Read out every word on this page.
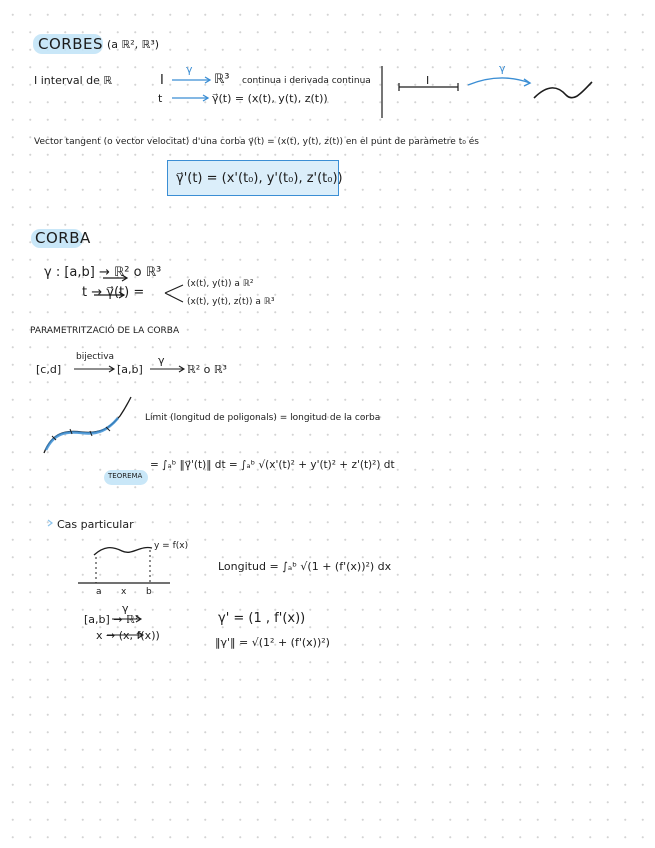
CORBES (a ℝ², ℝ³)
I interval de ℝ	I
γ
ℝ³ continua i derivada continua
t	γ⃗(t) = (x(t), y(t), z(t))
I
γ
Vector tangent (o vector velocitat) d'una corba γ⃗(t) = (x(t), y(t), z(t)) en el punt de paràmetre t₀ és
γ⃗'(t) = (x'(t₀), y'(t₀), z'(t₀))
CORBA
γ : [a,b] → ℝ² o ℝ³
t → γ⃗(t) =
(x(t), y(t)) a ℝ²
(x(t), y(t), z(t)) a ℝ³
PARAMETRITZACIÓ DE LA CORBA
[c,d]
bijectiva
[a,b]
γ
ℝ² o ℝ³
Límit (longitud de poligonals) = longitud de la corba
TEOREMA
= ∫ₐᵇ ‖γ⃗'(t)‖ dt = ∫ₐᵇ √(x'(t)² + y'(t)² + z'(t)²) dt
Cas particular
y = f(x)
a x b
Longitud = ∫ₐᵇ √(1 + (f'(x))²) dx
[a,b] → ℝ²
γ
x → (x, f(x))
γ' = (1 , f'(x))
‖γ'‖ = √(1² + (f'(x))²)
